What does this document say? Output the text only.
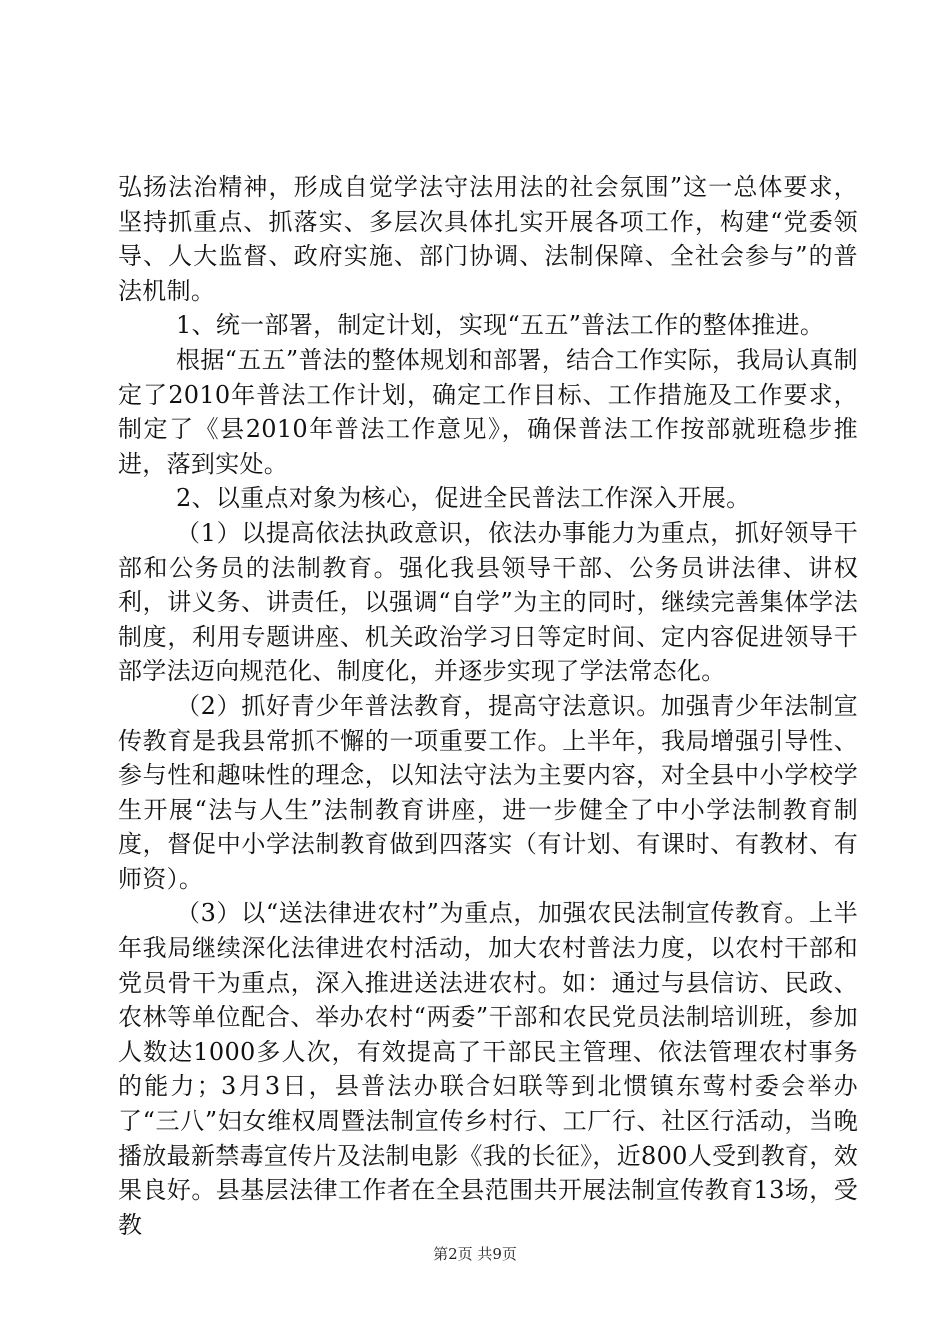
弘扬法治精神，形成自觉学法守法用法的社会氛围”这一总体要求，坚持抓重点、抓落实、多层次具体扎实开展各项工作，构建“党委领导、人大监督、政府实施、部门协调、法制保障、全社会参与”的普法机制。

1、统一部署，制定计划，实现“五五”普法工作的整体推进。

根据“五五”普法的整体规划和部署，结合工作实际，我局认真制定了2010年普法工作计划，确定工作目标、工作措施及工作要求，制定了《县2010年普法工作意见》，确保普法工作按部就班稳步推进，落到实处。

2、以重点对象为核心，促进全民普法工作深入开展。

（1）以提高依法执政意识，依法办事能力为重点，抓好领导干部和公务员的法制教育。强化我县领导干部、公务员讲法律、讲权利，讲义务、讲责任，以强调“自学”为主的同时，继续完善集体学法制度，利用专题讲座、机关政治学习日等定时间、定内容促进领导干部学法迈向规范化、制度化，并逐步实现了学法常态化。

（2）抓好青少年普法教育，提高守法意识。加强青少年法制宣传教育是我县常抓不懈的一项重要工作。上半年，我局增强引导性、参与性和趣味性的理念，以知法守法为主要内容，对全县中小学校学生开展“法与人生”法制教育讲座，进一步健全了中小学法制教育制度，督促中小学法制教育做到四落实（有计划、有课时、有教材、有师资）。

（3）以“送法律进农村”为重点，加强农民法制宣传教育。上半年我局继续深化法律进农村活动，加大农村普法力度，以农村干部和党员骨干为重点，深入推进送法进农村。如：通过与县信访、民政、农林等单位配合、举办农村“两委”干部和农民党员法制培训班，参加人数达1000多人次，有效提高了干部民主管理、依法管理农村事务的能力；3月3日，县普法办联合妇联等到北惯镇东莺村委会举办了“三八”妇女维权周暨法制宣传乡村行、工厂行、社区行活动，当晚播放最新禁毒宣传片及法制电影《我的长征》，近800人受到教育，效果良好。县基层法律工作者在全县范围共开展法制宣传教育13场，受教

第2页 共9页
